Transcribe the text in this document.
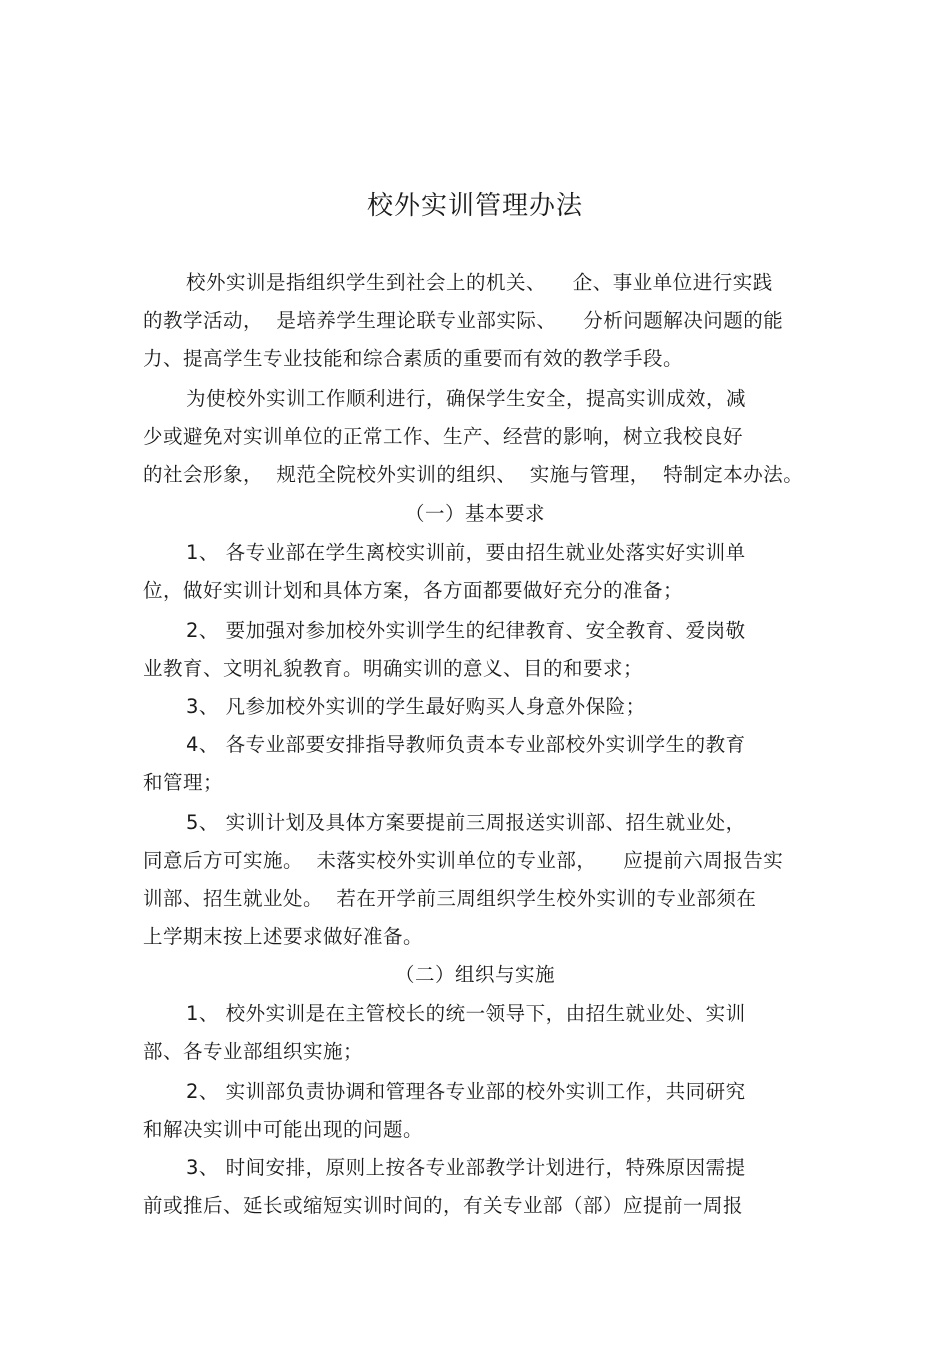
校外实训管理办法
校外实训是指组织学生到社会上的机关、    企、事业单位进行实践
的教学活动，  是培养学生理论联专业部实际、    分析问题解决问题的能
力、提高学生专业技能和综合素质的重要而有效的教学手段。
为使校外实训工作顺利进行，确保学生安全，提高实训成效，减
少或避免对实训单位的正常工作、生产、经营的影响，树立我校良好
的社会形象，  规范全院校外实训的组织、  实施与管理，  特制定本办法。
（一）基本要求
1、 各专业部在学生离校实训前，要由招生就业处落实好实训单
位，做好实训计划和具体方案，各方面都要做好充分的准备；
2、 要加强对参加校外实训学生的纪律教育、安全教育、爱岗敬
业教育、文明礼貌教育。明确实训的意义、目的和要求；
3、 凡参加校外实训的学生最好购买人身意外保险；
4、 各专业部要安排指导教师负责本专业部校外实训学生的教育
和管理；
5、 实训计划及具体方案要提前三周报送实训部、招生就业处，
同意后方可实施。  未落实校外实训单位的专业部，    应提前六周报告实
训部、招生就业处。  若在开学前三周组织学生校外实训的专业部须在
上学期末按上述要求做好准备。
（二）组织与实施
1、 校外实训是在主管校长的统一领导下，由招生就业处、实训
部、各专业部组织实施；
2、 实训部负责协调和管理各专业部的校外实训工作，共同研究
和解决实训中可能出现的问题。
3、 时间安排，原则上按各专业部教学计划进行，特殊原因需提
前或推后、延长或缩短实训时间的，有关专业部（部）应提前一周报
